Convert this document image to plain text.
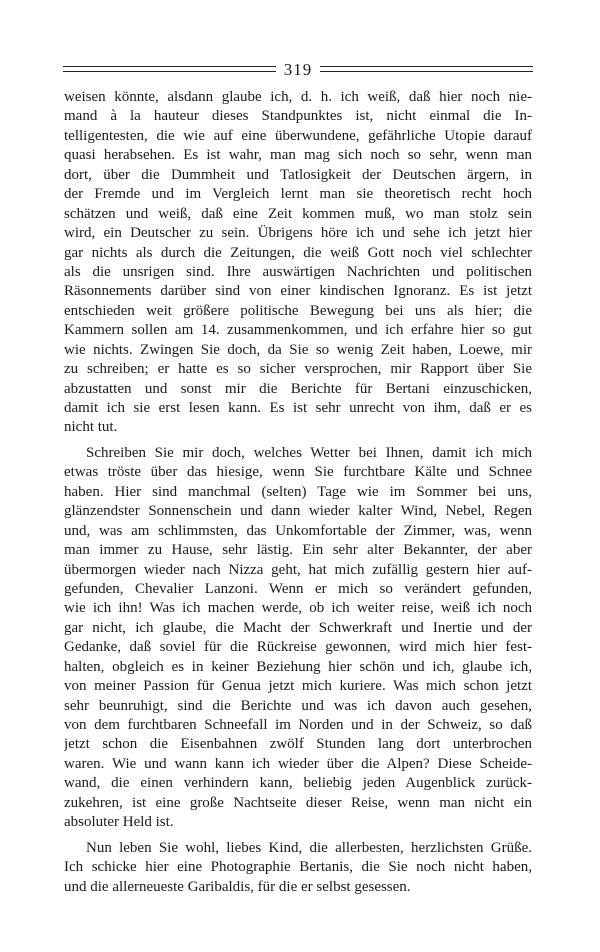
319
weisen könnte, alsdann glaube ich, d. h. ich weiß, daß hier noch nie-
mand à la hauteur dieses Standpunktes ist, nicht einmal die In-
telligentesten, die wie auf eine überwundene, gefährliche Utopie darauf
quasi herabsehen. Es ist wahr, man mag sich noch so sehr, wenn man
dort, über die Dummheit und Tatlosigkeit der Deutschen ärgern, in
der Fremde und im Vergleich lernt man sie theoretisch recht hoch
schätzen und weiß, daß eine Zeit kommen muß, wo man stolz sein
wird, ein Deutscher zu sein. Übrigens höre ich und sehe ich jetzt hier
gar nichts als durch die Zeitungen, die weiß Gott noch viel schlechter
als die unsrigen sind. Ihre auswärtigen Nachrichten und politischen
Räsonnements darüber sind von einer kindischen Ignoranz. Es ist jetzt
entschieden weit größere politische Bewegung bei uns als hier; die
Kammern sollen am 14. zusammenkommen, und ich erfahre hier so gut
wie nichts. Zwingen Sie doch, da Sie so wenig Zeit haben, Loewe, mir
zu schreiben; er hatte es so sicher versprochen, mir Rapport über Sie
abzustatten und sonst mir die Berichte für Bertani einzuschicken,
damit ich sie erst lesen kann. Es ist sehr unrecht von ihm, daß er es
nicht tut.
Schreiben Sie mir doch, welches Wetter bei Ihnen, damit ich mich
etwas tröste über das hiesige, wenn Sie furchtbare Kälte und Schnee
haben. Hier sind manchmal (selten) Tage wie im Sommer bei uns,
glänzendster Sonnenschein und dann wieder kalter Wind, Nebel, Regen
und, was am schlimmsten, das Unkomfortable der Zimmer, was, wenn
man immer zu Hause, sehr lästig. Ein sehr alter Bekannter, der aber
übermorgen wieder nach Nizza geht, hat mich zufällig gestern hier auf-
gefunden, Chevalier Lanzoni. Wenn er mich so verändert gefunden,
wie ich ihn! Was ich machen werde, ob ich weiter reise, weiß ich noch
gar nicht, ich glaube, die Macht der Schwerkraft und Inertie und der
Gedanke, daß soviel für die Rückreise gewonnen, wird mich hier fest-
halten, obgleich es in keiner Beziehung hier schön und ich, glaube ich,
von meiner Passion für Genua jetzt mich kuriere. Was mich schon jetzt
sehr beunruhigt, sind die Berichte und was ich davon auch gesehen,
von dem furchtbaren Schneefall im Norden und in der Schweiz, so daß
jetzt schon die Eisenbahnen zwölf Stunden lang dort unterbrochen
waren. Wie und wann kann ich wieder über die Alpen? Diese Scheide-
wand, die einen verhindern kann, beliebig jeden Augenblick zurück-
zukehren, ist eine große Nachtseite dieser Reise, wenn man nicht ein
absoluter Held ist.
Nun leben Sie wohl, liebes Kind, die allerbesten, herzlichsten Grüße.
Ich schicke hier eine Photographie Bertanis, die Sie noch nicht haben,
und die allerneueste Garibaldis, für die er selbst gesessen.
